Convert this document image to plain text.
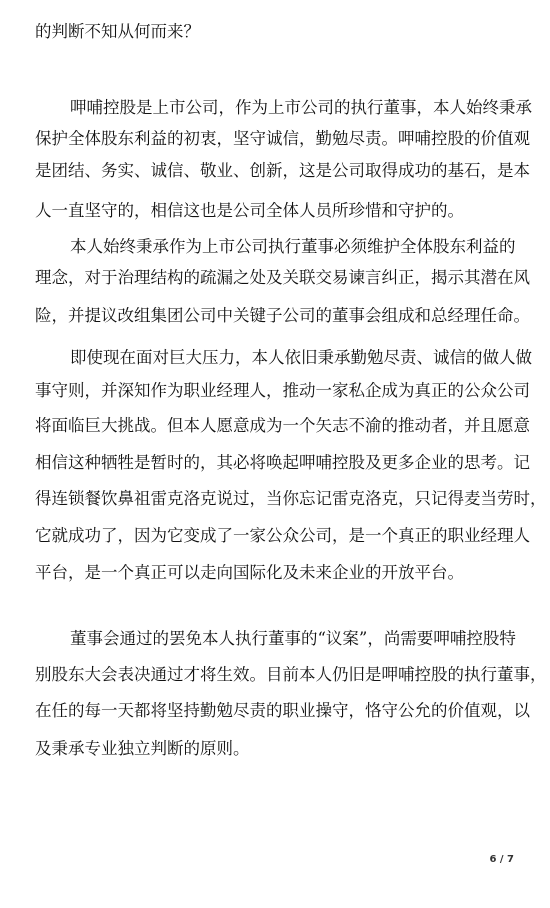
的判断不知从何而来？
呷哺控股是上市公司，作为上市公司的执行董事，本人始终秉承
保护全体股东利益的初衷，坚守诚信，勤勉尽责。呷哺控股的价值观
是团结、务实、诚信、敬业、创新，这是公司取得成功的基石，是本
人一直坚守的，相信这也是公司全体人员所珍惜和守护的。
本人始终秉承作为上市公司执行董事必须维护全体股东利益的
理念，对于治理结构的疏漏之处及关联交易谏言纠正，揭示其潜在风
险，并提议改组集团公司中关键子公司的董事会组成和总经理任命。
即使现在面对巨大压力，本人依旧秉承勤勉尽责、诚信的做人做
事守则，并深知作为职业经理人，推动一家私企成为真正的公众公司
将面临巨大挑战。但本人愿意成为一个矢志不渝的推动者，并且愿意
相信这种牺牲是暂时的，其必将唤起呷哺控股及更多企业的思考。记
得连锁餐饮鼻祖雷克洛克说过，当你忘记雷克洛克，只记得麦当劳时，
它就成功了，因为它变成了一家公众公司，是一个真正的职业经理人
平台，是一个真正可以走向国际化及未来企业的开放平台。
董事会通过的罢免本人执行董事的“议案”，尚需要呷哺控股特
别股东大会表决通过才将生效。目前本人仍旧是呷哺控股的执行董事，
在任的每一天都将坚持勤勉尽责的职业操守，恪守公允的价值观，以
及秉承专业独立判断的原则。
6 / 7
